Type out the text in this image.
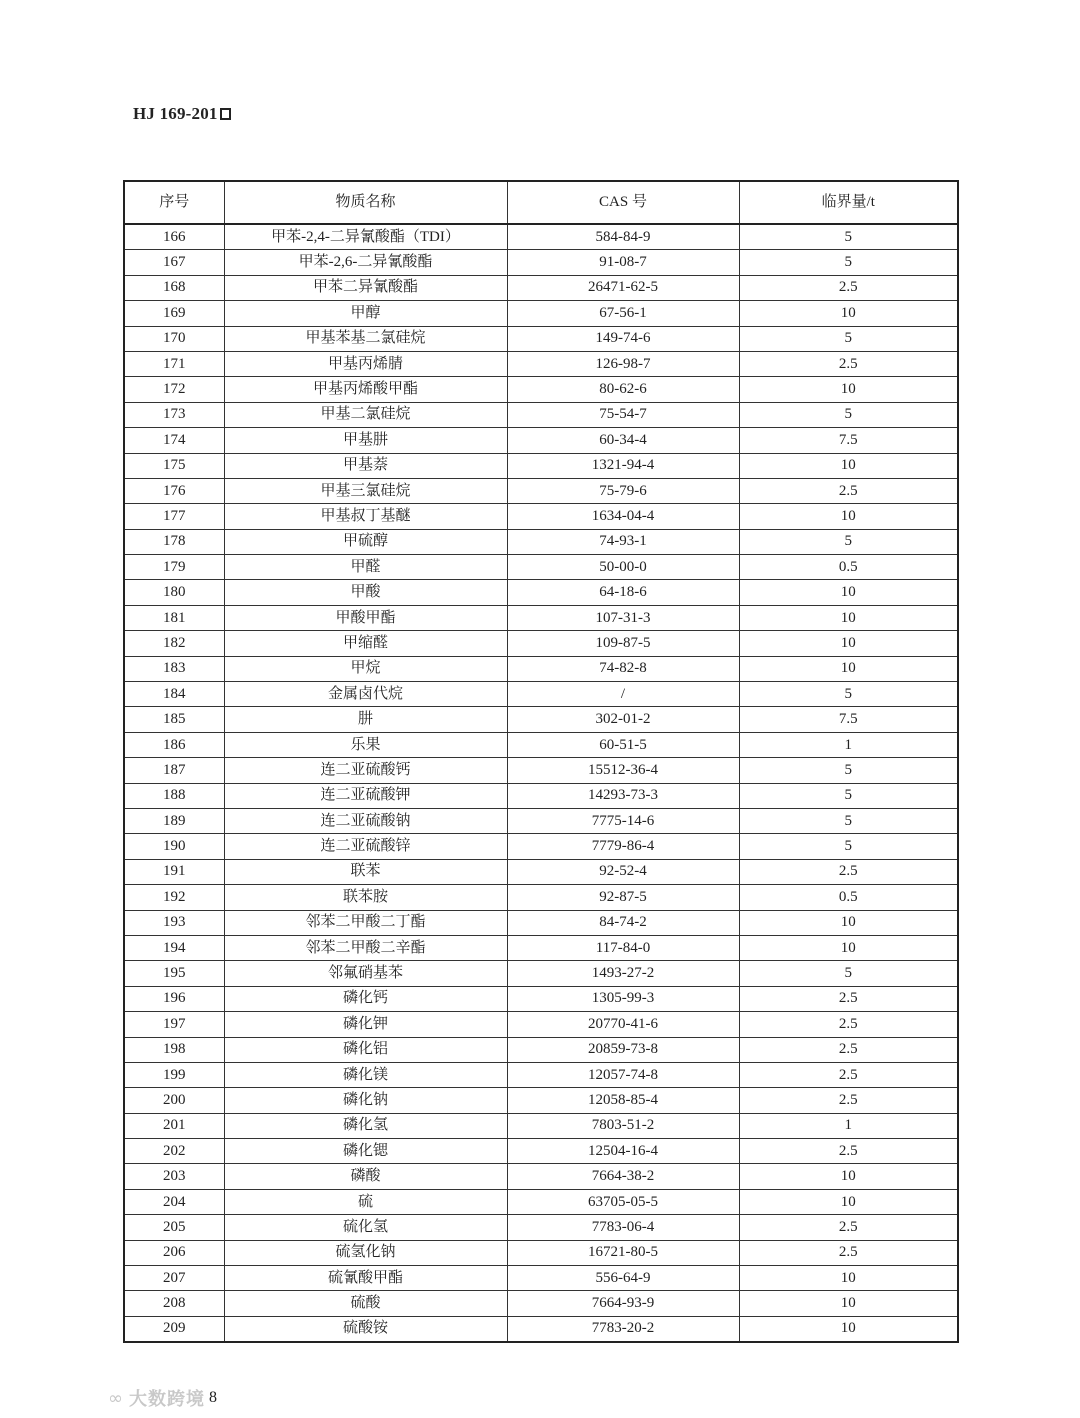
HJ 169-201
序号	物质名称	CAS 号	临界量/t
166	甲苯-2,4-二异氰酸酯（TDI）	584-84-9	5
167	甲苯-2,6-二异氰酸酯	91-08-7	5
168	甲苯二异氰酸酯	26471-62-5	2.5
169	甲醇	67-56-1	10
170	甲基苯基二氯硅烷	149-74-6	5
171	甲基丙烯腈	126-98-7	2.5
172	甲基丙烯酸甲酯	80-62-6	10
173	甲基二氯硅烷	75-54-7	5
174	甲基肼	60-34-4	7.5
175	甲基萘	1321-94-4	10
176	甲基三氯硅烷	75-79-6	2.5
177	甲基叔丁基醚	1634-04-4	10
178	甲硫醇	74-93-1	5
179	甲醛	50-00-0	0.5
180	甲酸	64-18-6	10
181	甲酸甲酯	107-31-3	10
182	甲缩醛	109-87-5	10
183	甲烷	74-82-8	10
184	金属卤代烷	/	5
185	肼	302-01-2	7.5
186	乐果	60-51-5	1
187	连二亚硫酸钙	15512-36-4	5
188	连二亚硫酸钾	14293-73-3	5
189	连二亚硫酸钠	7775-14-6	5
190	连二亚硫酸锌	7779-86-4	5
191	联苯	92-52-4	2.5
192	联苯胺	92-87-5	0.5
193	邻苯二甲酸二丁酯	84-74-2	10
194	邻苯二甲酸二辛酯	117-84-0	10
195	邻氟硝基苯	1493-27-2	5
196	磷化钙	1305-99-3	2.5
197	磷化钾	20770-41-6	2.5
198	磷化铝	20859-73-8	2.5
199	磷化镁	12057-74-8	2.5
200	磷化钠	12058-85-4	2.5
201	磷化氢	7803-51-2	1
202	磷化锶	12504-16-4	2.5
203	磷酸	7664-38-2	10
204	硫	63705-05-5	10
205	硫化氢	7783-06-4	2.5
206	硫氢化钠	16721-80-5	2.5
207	硫氰酸甲酯	556-64-9	10
208	硫酸	7664-93-9	10
209	硫酸铵	7783-20-2	10
∞ 大数跨境 8
